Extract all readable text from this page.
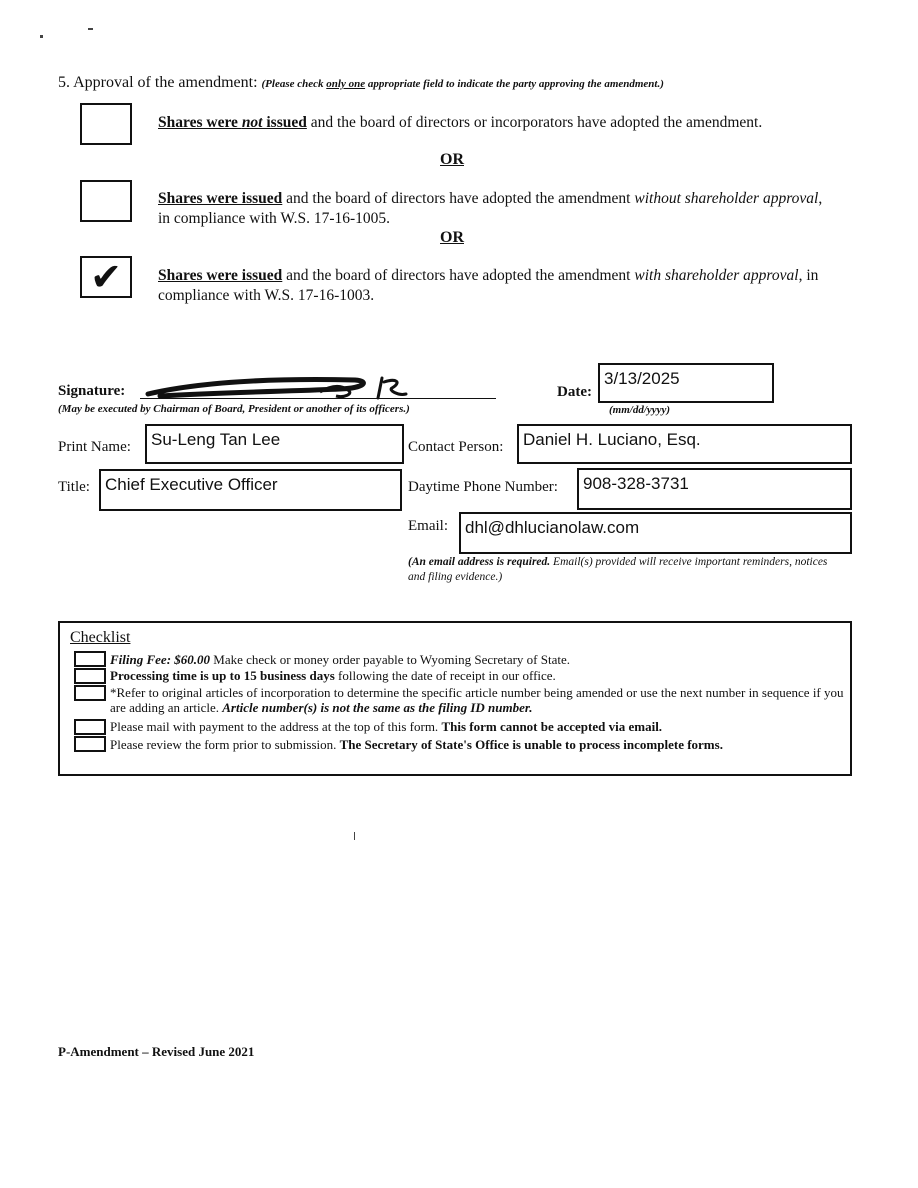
5. Approval of the amendment: (Please check only one appropriate field to indicate the party approving the amendment.)
Shares were not issued and the board of directors or incorporators have adopted the amendment.
OR
Shares were issued and the board of directors have adopted the amendment without shareholder approval, in compliance with W.S. 17-16-1005.
OR
✔	Shares were issued and the board of directors have adopted the amendment with shareholder approval, in compliance with W.S. 17-16-1003.
Signature:
(May be executed by Chairman of Board, President or another of its officers.)
Date:
3/13/2025
(mm/dd/yyyy)
Print Name:	Su-Leng Tan Lee	Contact Person:	Daniel H. Luciano, Esq.
Title: Chief Executive Officer	Daytime Phone Number:	908-328-3731
Email:	dhl@dhlucianolaw.com
(An email address is required. Email(s) provided will receive important reminders, notices and filing evidence.)
Checklist
Filing Fee: $60.00 Make check or money order payable to Wyoming Secretary of State.
Processing time is up to 15 business days following the date of receipt in our office.
*Refer to original articles of incorporation to determine the specific article number being amended or use the next number in sequence if you are adding an article. Article number(s) is not the same as the filing ID number.
Please mail with payment to the address at the top of this form. This form cannot be accepted via email.
Please review the form prior to submission. The Secretary of State's Office is unable to process incomplete forms.
P-Amendment – Revised June 2021
